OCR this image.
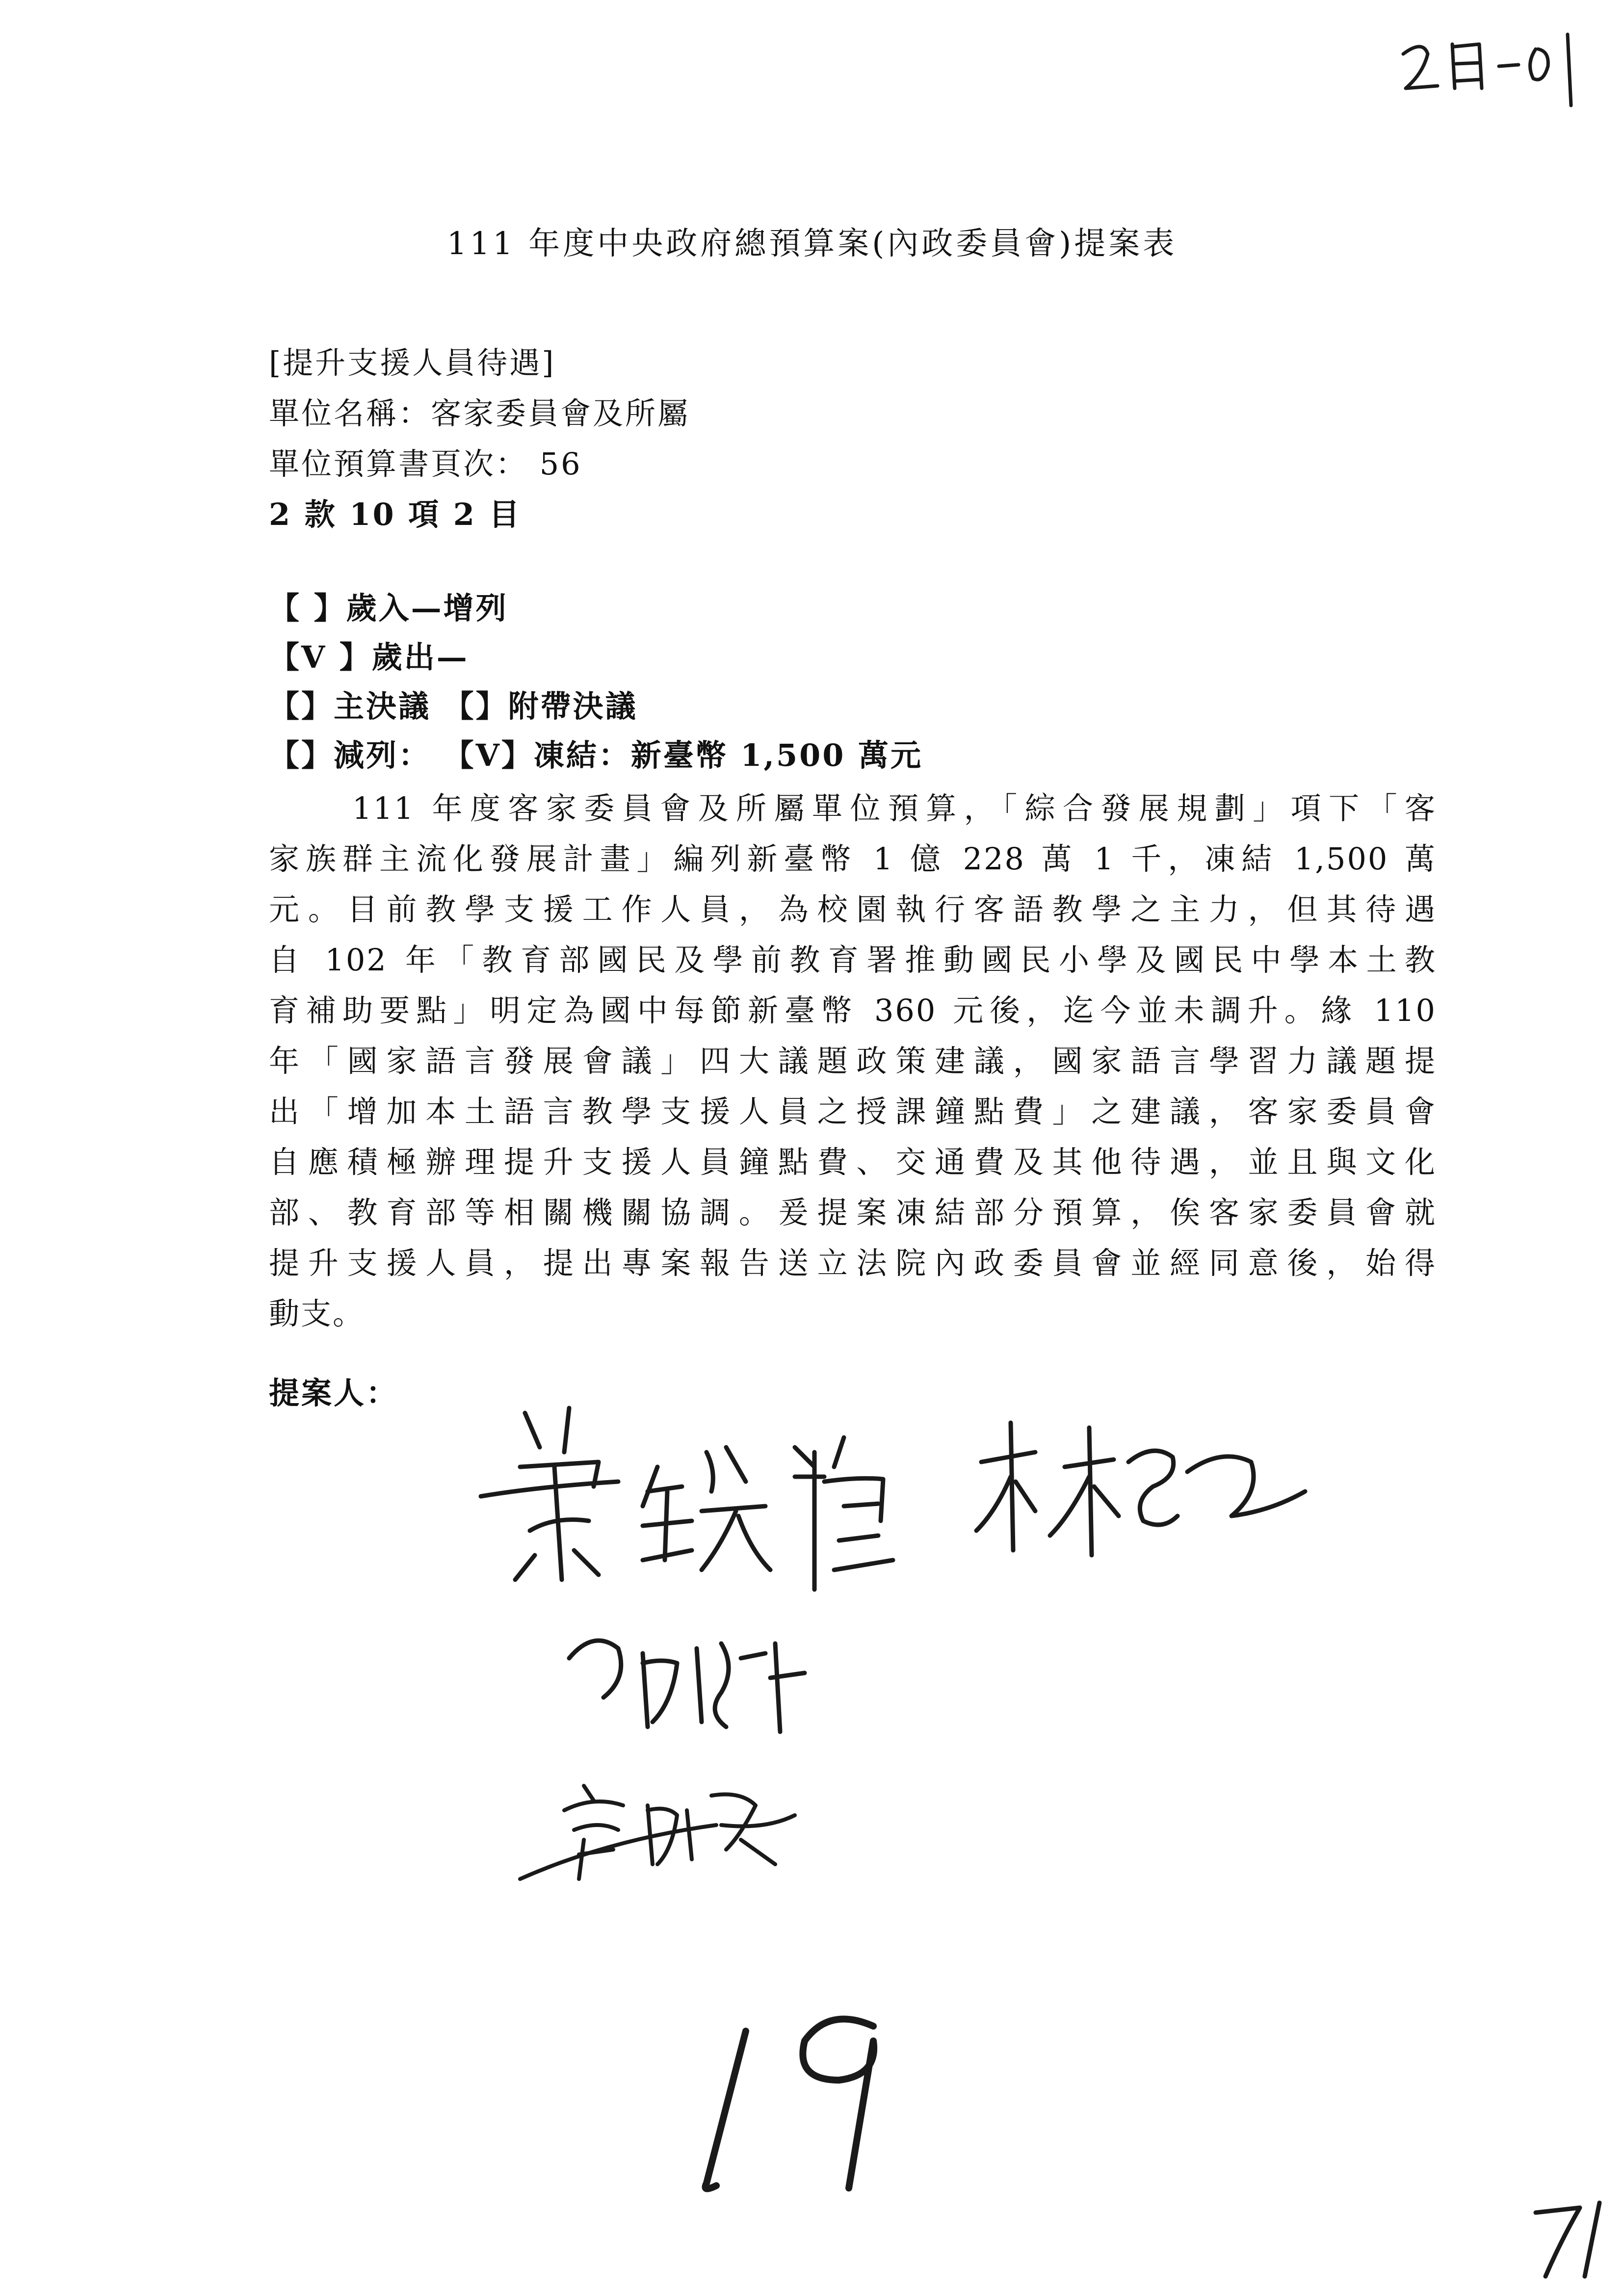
111 年度中央政府總預算案(內政委員會)提案表
[提升支援人員待遇]
單位名稱：客家委員會及所屬
單位預算書頁次： 56
2 款 10 項 2 目
【 】歲入—增列
【V 】歲出—
【】主決議 【】附帶決議
【】減列： 【V】凍結：新臺幣 1,500 萬元
111 年度客家委員會及所屬單位預算，「綜合發展規劃」項下「客
家族群主流化發展計畫」編列新臺幣 1 億 228 萬 1 千，凍結 1,500 萬
元。目前教學支援工作人員，為校園執行客語教學之主力，但其待遇
自 102 年「教育部國民及學前教育署推動國民小學及國民中學本土教
育補助要點」明定為國中每節新臺幣 360 元後，迄今並未調升。緣 110
年「國家語言發展會議」四大議題政策建議，國家語言學習力議題提
出「增加本土語言教學支援人員之授課鐘點費」之建議，客家委員會
自應積極辦理提升支援人員鐘點費、交通費及其他待遇，並且與文化
部、教育部等相關機關協調。爰提案凍結部分預算，俟客家委員會就
提升支援人員，提出專案報告送立法院內政委員會並經同意後，始得
動支。
提案人：
